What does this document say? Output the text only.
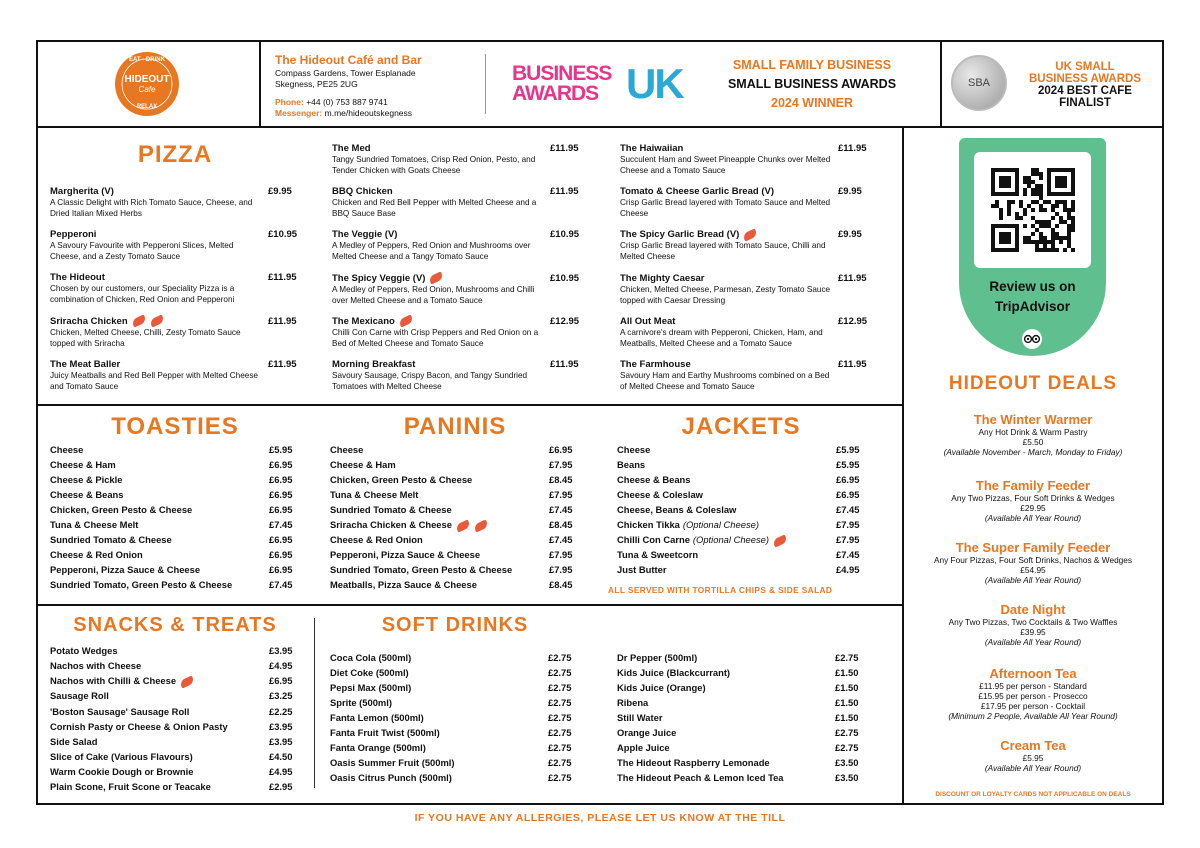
EAT · DRINK
HIDEOUT
Cafe
RELAX
The Hideout Café and Bar
Compass Gardens, Tower Esplanade
Skegness, PE25 2UG
Phone: +44 (0) 753 887 9741
Messenger: m.me/hideoutskegness
BUSINESS
AWARDS UK	SMALL FAMILY BUSINESS
SMALL BUSINESS AWARDS
2024 WINNER
SBA
UK SMALL
BUSINESS AWARDS
2024 BEST CAFE
FINALIST
PIZZA
Margherita (V)	£9.95
A Classic Delight with Rich Tomato Sauce, Cheese, and Dried Italian Mixed Herbs
Pepperoni	£10.95
A Savoury Favourite with Pepperoni Slices, Melted Cheese, and a Zesty Tomato Sauce
The Hideout	£11.95
Chosen by our customers, our Speciality Pizza is a combination of Chicken, Red Onion and Pepperoni
Sriracha Chicken	£11.95
Chicken, Melted Cheese, Chilli, Zesty Tomato Sauce topped with Sriracha
The Meat Baller	£11.95
Juicy Meatballs and Red Bell Pepper with Melted Cheese and Tomato Sauce
The Med	£11.95
Tangy Sundried Tomatoes, Crisp Red Onion, Pesto, and Tender Chicken with Goats Cheese
BBQ Chicken	£11.95
Chicken and Red Bell Pepper with Melted Cheese and a BBQ Sauce Base
The Veggie (V)	£10.95
A Medley of Peppers, Red Onion and Mushrooms over Melted Cheese and a Tangy Tomato Sauce
The Spicy Veggie (V)	£10.95
A Medley of Peppers, Red Onion, Mushrooms and Chilli over Melted Cheese and a Tomato Sauce
The Mexicano	£12.95
Chilli Con Carne with Crisp Peppers and Red Onion on a Bed of Melted Cheese and Tomato Sauce
Morning Breakfast	£11.95
Savoury Sausage, Crispy Bacon, and Tangy Sundried Tomatoes with Melted Cheese
The Haiwaiian	£11.95
Succulent Ham and Sweet Pineapple Chunks over Melted Cheese and a Tomato Sauce
Tomato & Cheese Garlic Bread (V)	£9.95
Crisp Garlic Bread layered with Tomato Sauce and Melted Cheese
The Spicy Garlic Bread (V)	£9.95
Crisp Garlic Bread layered with Tomato Sauce, Chilli and Melted Cheese
The Mighty Caesar	£11.95
Chicken, Melted Cheese, Parmesan, Zesty Tomato Sauce topped with Caesar Dressing
All Out Meat	£12.95
A carnivore's dream with Pepperoni, Chicken, Ham, and Meatballs, Melted Cheese and a Tomato Sauce
The Farmhouse	£11.95
Savoury Ham and Earthy Mushrooms combined on a Bed of Melted Cheese and Tomato Sauce
TOASTIES	PANINIS	JACKETS
Cheese	£5.95
Cheese & Ham	£6.95
Cheese & Pickle	£6.95
Cheese & Beans	£6.95
Chicken, Green Pesto & Cheese	£6.95
Tuna & Cheese Melt	£7.45
Sundried Tomato & Cheese	£6.95
Cheese & Red Onion	£6.95
Pepperoni, Pizza Sauce & Cheese	£6.95
Sundried Tomato, Green Pesto & Cheese	£7.45
Cheese	£6.95
Cheese & Ham	£7.95
Chicken, Green Pesto & Cheese	£8.45
Tuna & Cheese Melt	£7.95
Sundried Tomato & Cheese	£7.45
Sriracha Chicken & Cheese	£8.45
Cheese & Red Onion	£7.45
Pepperoni, Pizza Sauce & Cheese	£7.95
Sundried Tomato, Green Pesto & Cheese	£7.95
Meatballs, Pizza Sauce & Cheese	£8.45
Cheese	£5.95
Beans	£5.95
Cheese & Beans	£6.95
Cheese & Coleslaw	£6.95
Cheese, Beans & Coleslaw	£7.45
Chicken Tikka (Optional Cheese)	£7.95
Chilli Con Carne (Optional Cheese)	£7.95
Tuna & Sweetcorn	£7.45
Just Butter	£4.95
ALL SERVED WITH TORTILLA CHIPS & SIDE SALAD
SNACKS & TREATS	SOFT DRINKS
Potato Wedges	£3.95
Nachos with Cheese	£4.95
Nachos with Chilli & Cheese	£6.95
Sausage Roll	£3.25
'Boston Sausage' Sausage Roll	£2.25
Cornish Pasty or Cheese & Onion Pasty	£3.95
Side Salad	£3.95
Slice of Cake (Various Flavours)	£4.50
Warm Cookie Dough or Brownie	£4.95
Plain Scone, Fruit Scone or Teacake	£2.95
Coca Cola (500ml)	£2.75
Diet Coke (500ml)	£2.75
Pepsi Max (500ml)	£2.75
Sprite (500ml)	£2.75
Fanta Lemon (500ml)	£2.75
Fanta Fruit Twist (500ml)	£2.75
Fanta Orange (500ml)	£2.75
Oasis Summer Fruit (500ml)	£2.75
Oasis Citrus Punch (500ml)	£2.75
Dr Pepper (500ml)	£2.75
Kids Juice (Blackcurrant)	£1.50
Kids Juice (Orange)	£1.50
Ribena	£1.50
Still Water	£1.50
Orange Juice	£2.75
Apple Juice	£2.75
The Hideout Raspberry Lemonade	£3.50
The Hideout Peach & Lemon Iced Tea	£3.50
Review us on
TripAdvisor
HIDEOUT DEALS
The Winter Warmer
Any Hot Drink & Warm Pastry
£5.50
(Available November - March, Monday to Friday)
The Family Feeder
Any Two Pizzas, Four Soft Drinks & Wedges
£29.95
(Available All Year Round)
The Super Family Feeder
Any Four Pizzas, Four Soft Drinks, Nachos & Wedges
£54.95
(Available All Year Round)
Date Night
Any Two Pizzas, Two Cocktails & Two Waffles
£39.95
(Available All Year Round)
Afternoon Tea
£11.95 per person - Standard
£15.95 per person - Prosecco
£17.95 per person - Cocktail
(Minimum 2 People, Available All Year Round)
Cream Tea
£5.95
(Available All Year Round)
DISCOUNT OR LOYALTY CARDS NOT APPLICABLE ON DEALS
IF YOU HAVE ANY ALLERGIES, PLEASE LET US KNOW AT THE TILL
